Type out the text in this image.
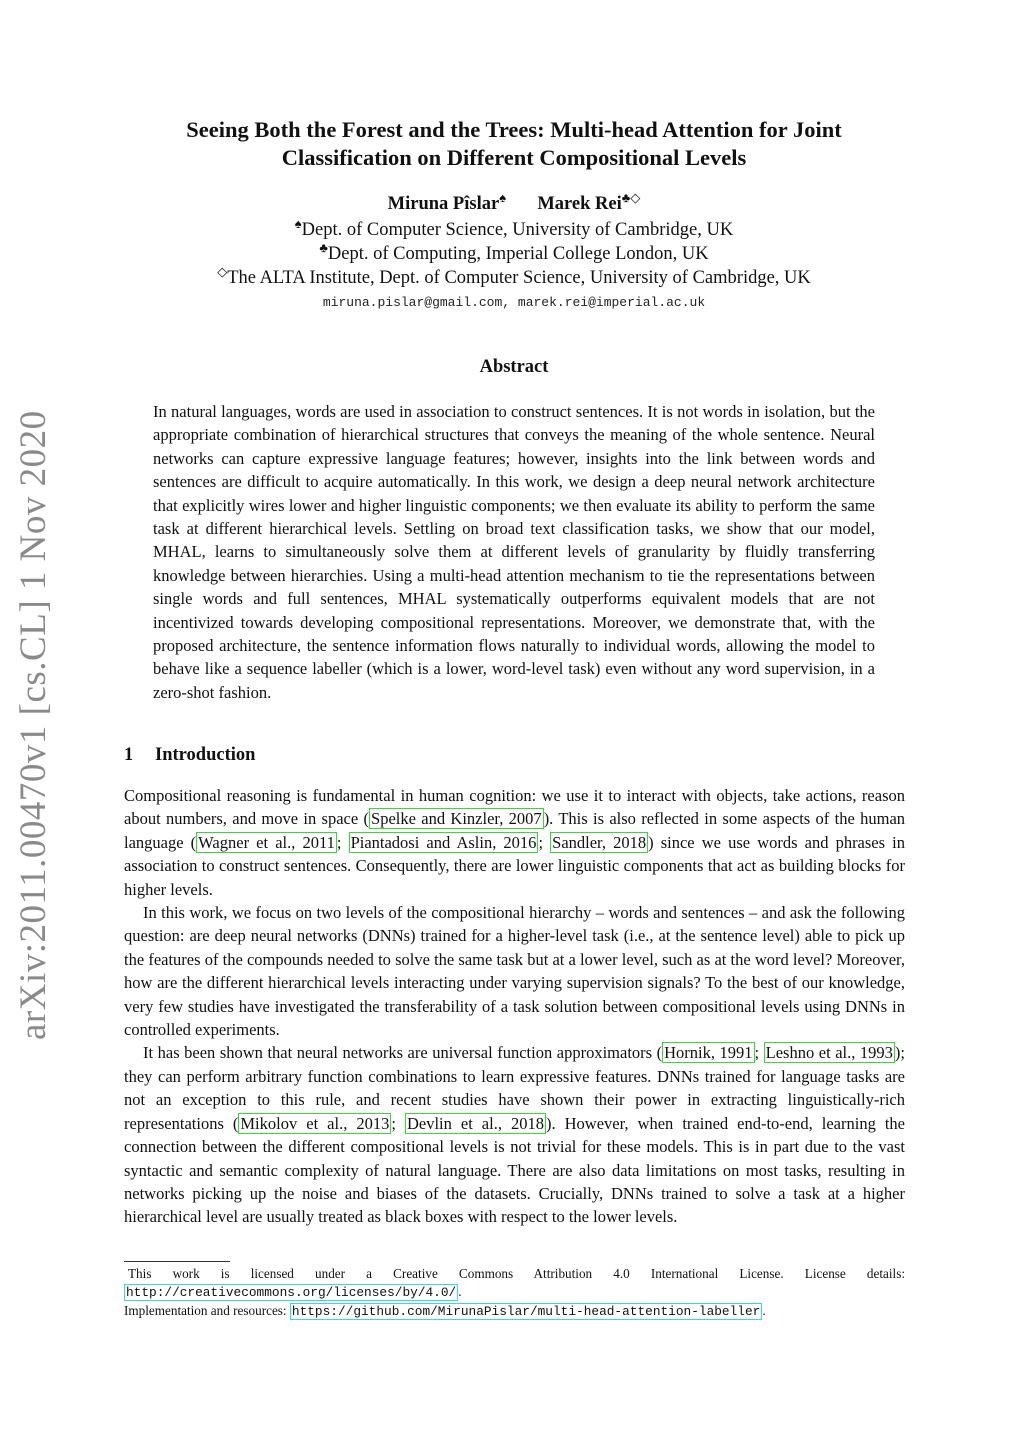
arXiv:2011.00470v1 [cs.CL] 1 Nov 2020
Seeing Both the Forest and the Trees: Multi-head Attention for Joint
Classification on Different Compositional Levels
Miruna Pîslar♠ Marek Rei♣◇
♠Dept. of Computer Science, University of Cambridge, UK
♣Dept. of Computing, Imperial College London, UK
◇The ALTA Institute, Dept. of Computer Science, University of Cambridge, UK
miruna.pislar@gmail.com, marek.rei@imperial.ac.uk
Abstract
In natural languages, words are used in association to construct sentences. It is not words in isolation, but the appropriate combination of hierarchical structures that conveys the meaning of the whole sentence. Neural networks can capture expressive language features; however, insights into the link between words and sentences are difficult to acquire automatically. In this work, we design a deep neural network architecture that explicitly wires lower and higher linguistic components; we then evaluate its ability to perform the same task at different hierarchical levels. Settling on broad text classification tasks, we show that our model, MHAL, learns to simultaneously solve them at different levels of granularity by fluidly transferring knowledge between hierarchies. Using a multi-head attention mechanism to tie the representations between single words and full sentences, MHAL systematically outperforms equivalent models that are not incentivized towards developing compositional representations. Moreover, we demonstrate that, with the proposed architecture, the sentence information flows naturally to individual words, allowing the model to behave like a sequence labeller (which is a lower, word-level task) even without any word supervision, in a zero-shot fashion.
1 Introduction

Compositional reasoning is fundamental in human cognition: we use it to interact with objects, take actions, reason about numbers, and move in space ( Spelke and Kinzler, 2007 ). This is also reflected in some aspects of the human language ( Wagner et al., 2011 ; Piantadosi and Aslin, 2016 ; Sandler, 2018 ) since we use words and phrases in association to construct sentences. Consequently, there are lower linguistic components that act as building blocks for higher levels.

In this work, we focus on two levels of the compositional hierarchy – words and sentences – and ask the following question: are deep neural networks (DNNs) trained for a higher-level task (i.e., at the sentence level) able to pick up the features of the compounds needed to solve the same task but at a lower level, such as at the word level? Moreover, how are the different hierarchical levels interacting under varying supervision signals? To the best of our knowledge, very few studies have investigated the transferability of a task solution between compositional levels using DNNs in controlled experiments.

It has been shown that neural networks are universal function approximators ( Hornik, 1991 ; Leshno et al., 1993 ); they can perform arbitrary function combinations to learn expressive features. DNNs trained for language tasks are not an exception to this rule, and recent studies have shown their power in extracting linguistically-rich representations ( Mikolov et al., 2013 ; Devlin et al., 2018 ). However, when trained end-to-end, learning the connection between the different compositional levels is not trivial for these models. This is in part due to the vast syntactic and semantic complexity of natural language. There are also data limitations on most tasks, resulting in networks picking up the noise and biases of the datasets. Crucially, DNNs trained to solve a task at a higher hierarchical level are usually treated as black boxes with respect to the lower levels.

This work is licensed under a Creative Commons Attribution 4.0 International License. License details: http://creativecommons.org/licenses/by/4.0/ .

Implementation and resources: https://github.com/MirunaPislar/multi-head-attention-labeller .
